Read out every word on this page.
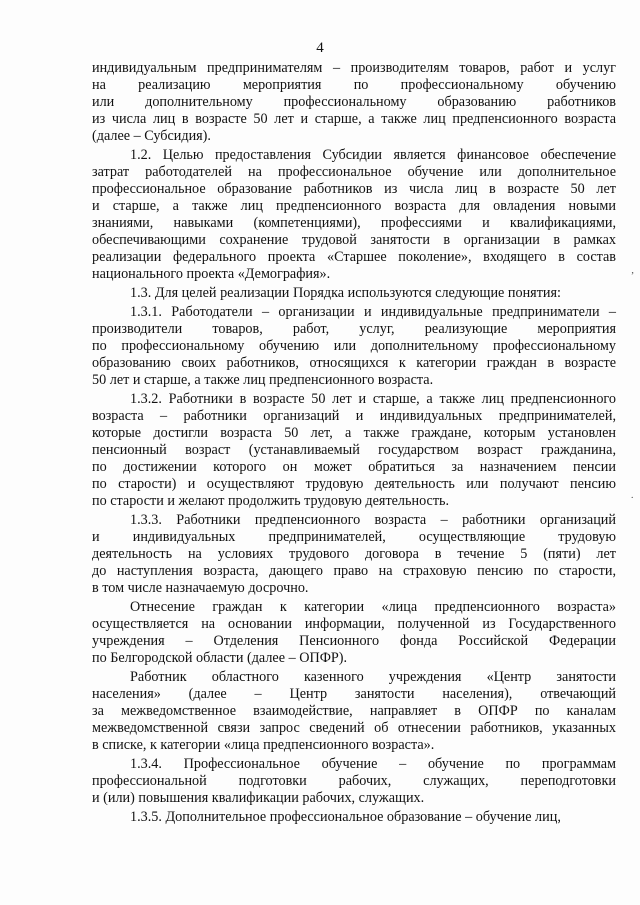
4
индивидуальным предпринимателям – производителям товаров, работ и услуг
на реализацию мероприятия по профессиональному обучению
или дополнительному профессиональному образованию работников
из числа лиц в возрасте 50 лет и старше, а также лиц предпенсионного возраста
(далее – Субсидия).
1.2. Целью предоставления Субсидии является финансовое обеспечение
затрат работодателей на профессиональное обучение или дополнительное
профессиональное образование работников из числа лиц в возрасте 50 лет
и старше, а также лиц предпенсионного возраста для овладения новыми
знаниями, навыками (компетенциями), профессиями и квалификациями,
обеспечивающими сохранение трудовой занятости в организации в рамках
реализации федерального проекта «Старшее поколение», входящего в состав
национального проекта «Демография».
1.3. Для целей реализации Порядка используются следующие понятия:
1.3.1. Работодатели – организации и индивидуальные предприниматели –
производители товаров, работ, услуг, реализующие мероприятия
по профессиональному обучению или дополнительному профессиональному
образованию своих работников, относящихся к категории граждан в возрасте
50 лет и старше, а также лиц предпенсионного возраста.
1.3.2. Работники в возрасте 50 лет и старше, а также лиц предпенсионного
возраста – работники организаций и индивидуальных предпринимателей,
которые достигли возраста 50 лет, а также граждане, которым установлен
пенсионный возраст (устанавливаемый государством возраст гражданина,
по достижении которого он может обратиться за назначением пенсии
по старости) и осуществляют трудовую деятельность или получают пенсию
по старости и желают продолжить трудовую деятельность.
1.3.3. Работники предпенсионного возраста – работники организаций
и индивидуальных предпринимателей, осуществляющие трудовую
деятельность на условиях трудового договора в течение 5 (пяти) лет
до наступления возраста, дающего право на страховую пенсию по старости,
в том числе назначаемую досрочно.
Отнесение граждан к категории «лица предпенсионного возраста»
осуществляется на основании информации, полученной из Государственного
учреждения – Отделения Пенсионного фонда Российской Федерации
по Белгородской области (далее – ОПФР).
Работник областного казенного учреждения «Центр занятости
населения» (далее – Центр занятости населения), отвечающий
за межведомственное взаимодействие, направляет в ОПФР по каналам
межведомственной связи запрос сведений об отнесении работников, указанных
в списке, к категории «лица предпенсионного возраста».
1.3.4. Профессиональное обучение – обучение по программам
профессиональной подготовки рабочих, служащих, переподготовки
и (или) повышения квалификации рабочих, служащих.
1.3.5. Дополнительное профессиональное образование – обучение лиц,
,
·
